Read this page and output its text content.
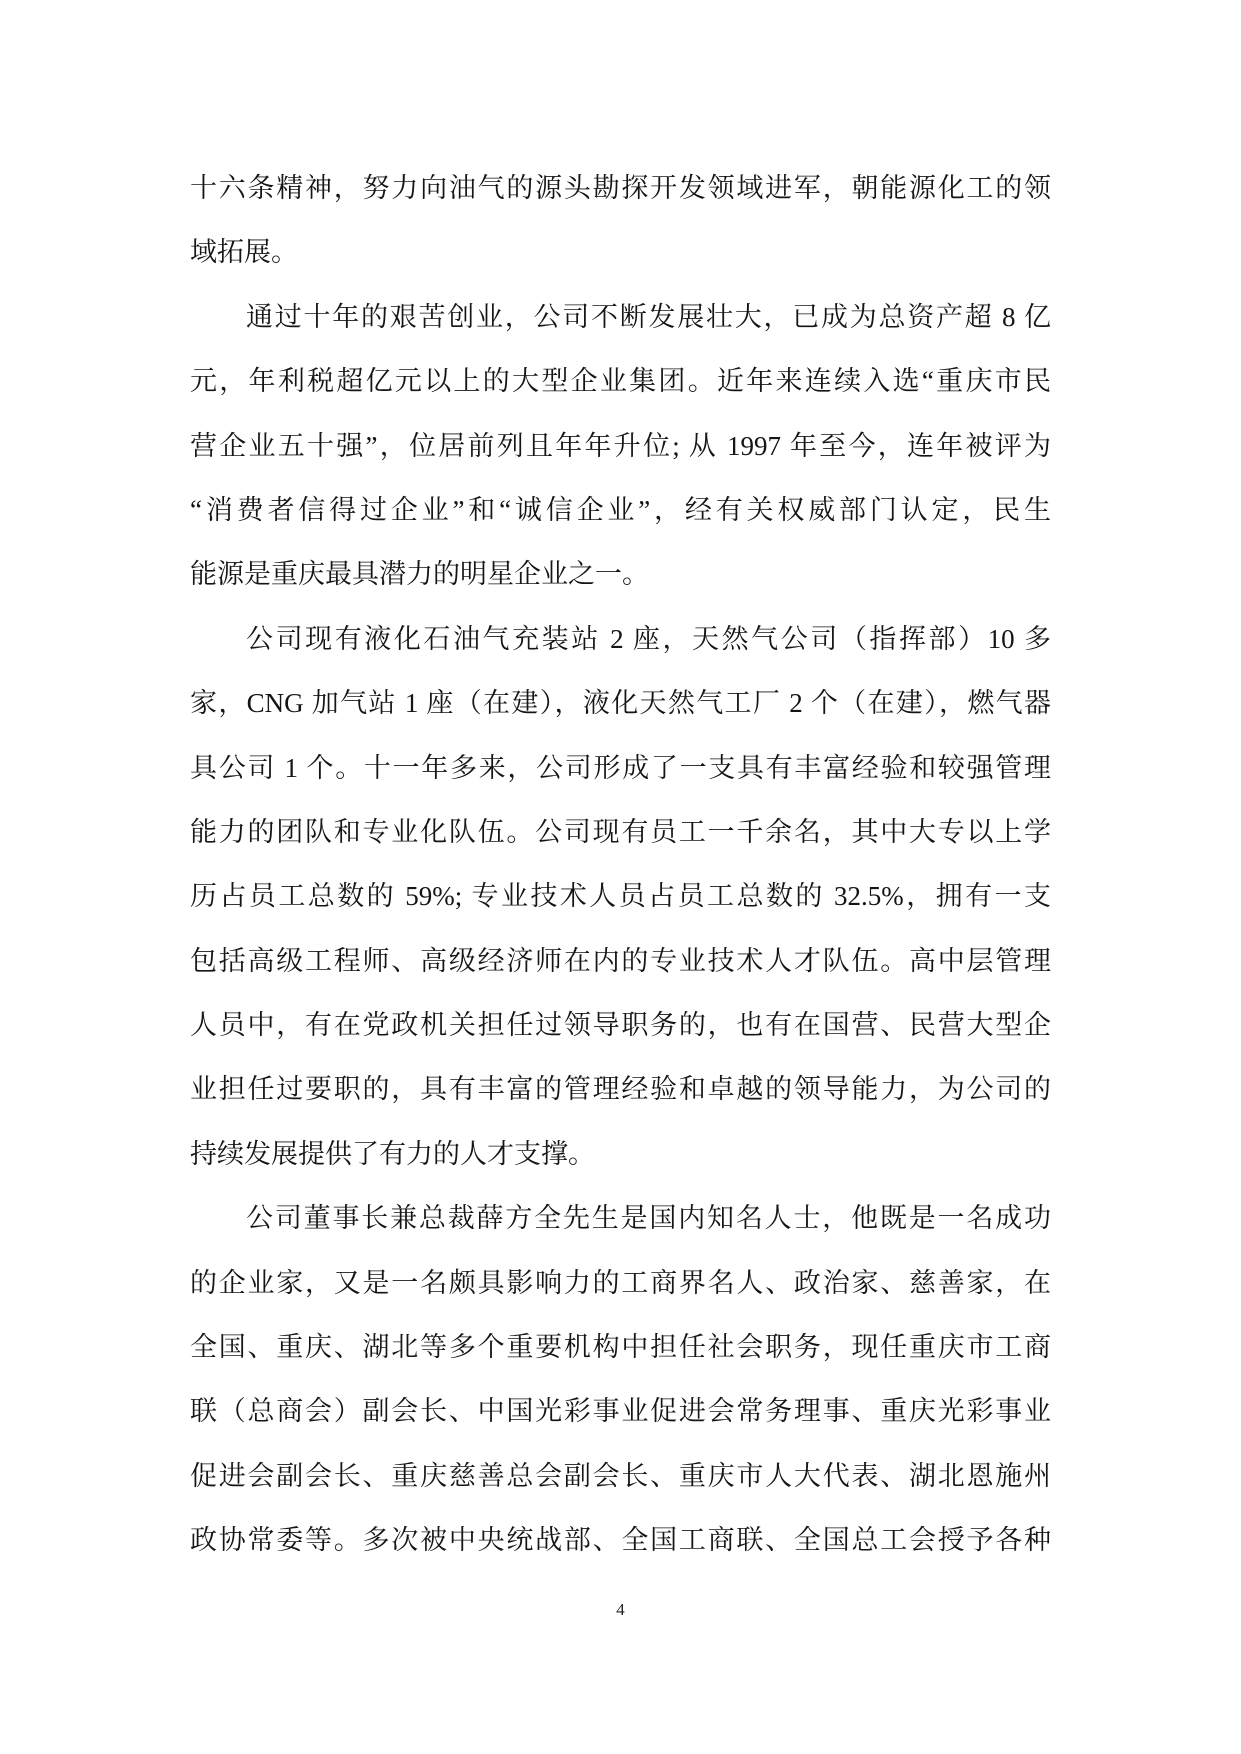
十六条精神，努力向油气的源头勘探开发领域进军，朝能源化工的领
域拓展。
通过十年的艰苦创业，公司不断发展壮大，已成为总资产超 8 亿
元，年利税超亿元以上的大型企业集团。近年来连续入选“重庆市民
营企业五十强”，位居前列且年年升位; 从 1997 年至今，连年被评为
“消费者信得过企业”和“诚信企业”，经有关权威部门认定，民生
能源是重庆最具潜力的明星企业之一。
公司现有液化石油气充装站 2 座，天然气公司（指挥部）10 多
家，CNG 加气站 1 座（在建），液化天然气工厂 2 个（在建），燃气器
具公司 1 个。十一年多来，公司形成了一支具有丰富经验和较强管理
能力的团队和专业化队伍。公司现有员工一千余名，其中大专以上学
历占员工总数的 59%; 专业技术人员占员工总数的 32.5%，拥有一支
包括高级工程师、高级经济师在内的专业技术人才队伍。高中层管理
人员中，有在党政机关担任过领导职务的，也有在国营、民营大型企
业担任过要职的，具有丰富的管理经验和卓越的领导能力，为公司的
持续发展提供了有力的人才支撑。
公司董事长兼总裁薛方全先生是国内知名人士，他既是一名成功
的企业家，又是一名颇具影响力的工商界名人、政治家、慈善家，在
全国、重庆、湖北等多个重要机构中担任社会职务，现任重庆市工商
联（总商会）副会长、中国光彩事业促进会常务理事、重庆光彩事业
促进会副会长、重庆慈善总会副会长、重庆市人大代表、湖北恩施州
政协常委等。多次被中央统战部、全国工商联、全国总工会授予各种
4
